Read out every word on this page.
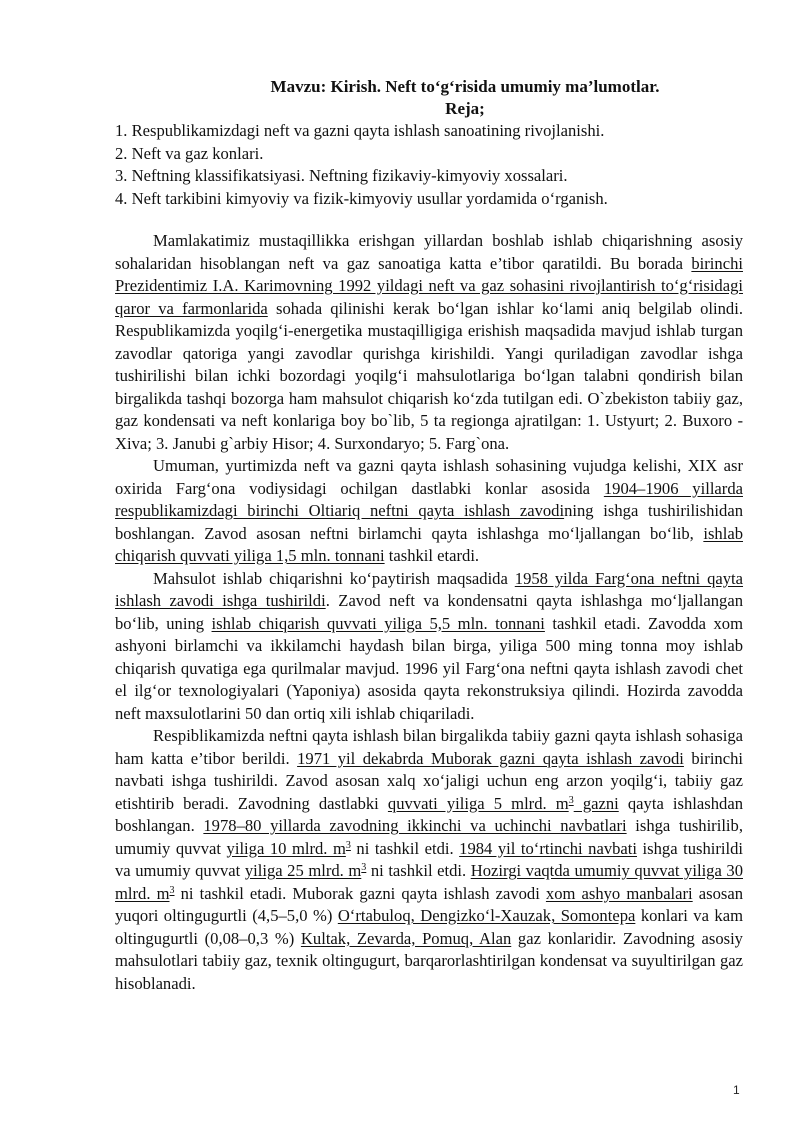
Mavzu: Kirish. Neft to‘g‘risida umumiy ma’lumotlar.
Reja;
1. Respublikamizdagi neft va gazni qayta ishlash sanoatining rivojlanishi.
2. Neft va gaz konlari.
3. Neftning klassifikatsiyasi. Neftning fizikaviy-kimyoviy xossalari.
4. Neft tarkibini kimyoviy va fizik-kimyoviy usullar yordamida o‘rganish.

Mamlakatimiz mustaqillikka erishgan yillardan boshlab ishlab chiqarishning asosiy sohalaridan hisoblangan neft va gaz sanoatiga katta e’tibor qaratildi. Bu borada birinchi Prezidentimiz I.A. Karimovning 1992 yildagi neft va gaz sohasini rivojlantirish to‘g‘risidagi qaror va farmonlarida sohada qilinishi kerak bo‘lgan ishlar ko‘lami aniq belgilab olindi. Respublikamizda yoqilg‘i-energetika mustaqilligiga erishish maqsadida mavjud ishlab turgan zavodlar qatoriga yangi zavodlar qurishga kirishildi. Yangi quriladigan zavodlar ishga tushirilishi bilan ichki bozordagi yoqilg‘i mahsulotlariga bo‘lgan talabni qondirish bilan birgalikda tashqi bozorga ham mahsulot chiqarish ko‘zda tutilgan edi. O`zbekiston tabiiy gaz, gaz kondensati va neft konlariga boy bo`lib, 5 ta regionga ajratilgan: 1. Ustyurt; 2. Buxoro - Xiva; 3. Janubi g`arbiy Hisor; 4. Surxondaryo; 5. Farg`ona.

Umuman, yurtimizda neft va gazni qayta ishlash sohasining vujudga kelishi, XIX asr oxirida Farg‘ona vodiysidagi ochilgan dastlabki konlar asosida 1904–1906 yillarda respublikamizdagi birinchi Oltiariq neftni qayta ishlash zavodining ishga tushirilishidan boshlangan. Zavod asosan neftni birlamchi qayta ishlashga mo‘ljallangan bo‘lib, ishlab chiqarish quvvati yiliga 1,5 mln. tonnani tashkil etardi.

Mahsulot ishlab chiqarishni ko‘paytirish maqsadida 1958 yilda Farg‘ona neftni qayta ishlash zavodi ishga tushirildi. Zavod neft va kondensatni qayta ishlashga mo‘ljallangan bo‘lib, uning ishlab chiqarish quvvati yiliga 5,5 mln. tonnani tashkil etadi. Zavodda xom ashyoni birlamchi va ikkilamchi haydash bilan birga, yiliga 500 ming tonna moy ishlab chiqarish quvatiga ega qurilmalar mavjud. 1996 yil Farg‘ona neftni qayta ishlash zavodi chet el ilg‘or texnologiyalari (Yaponiya) asosida qayta rekonstruksiya qilindi. Hozirda zavodda neft maxsulotlarini 50 dan ortiq xili ishlab chiqariladi.

Respiblikamizda neftni qayta ishlash bilan birgalikda tabiiy gazni qayta ishlash sohasiga ham katta e’tibor berildi. 1971 yil dekabrda Muborak gazni qayta ishlash zavodi birinchi navbati ishga tushirildi. Zavod asosan xalq xo‘jaligi uchun eng arzon yoqilg‘i, tabiiy gaz etishtirib beradi. Zavodning dastlabki quvvati yiliga 5 mlrd. $m^3$ gazni qayta ishlashdan boshlangan. 1978–80 yillarda zavodning ikkinchi va uchinchi navbatlari ishga tushirilib, umumiy quvvat yiliga 10 mlrd. $m^3$ ni tashkil etdi. 1984 yil to‘rtinchi navbati ishga tushirildi va umumiy quvvat yiliga 25 mlrd. $m^3$ ni tashkil etdi. Hozirgi vaqtda umumiy quvvat yiliga 30 mlrd. $m^3$ ni tashkil etadi. Muborak gazni qayta ishlash zavodi xom ashyo manbalari asosan yuqori oltingugurtli (4,5–5,0 %) O‘rtabuloq, Dengizko‘l-Xauzak, Somontepa konlari va kam oltingugurtli (0,08–0,3 %) Kultak, Zevarda, Pomuq, Alan gaz konlaridir. Zavodning asosiy mahsulotlari tabiiy gaz, texnik oltingugurt, barqarorlashtirilgan kondensat va suyultirilgan gaz hisoblanadi.

1
